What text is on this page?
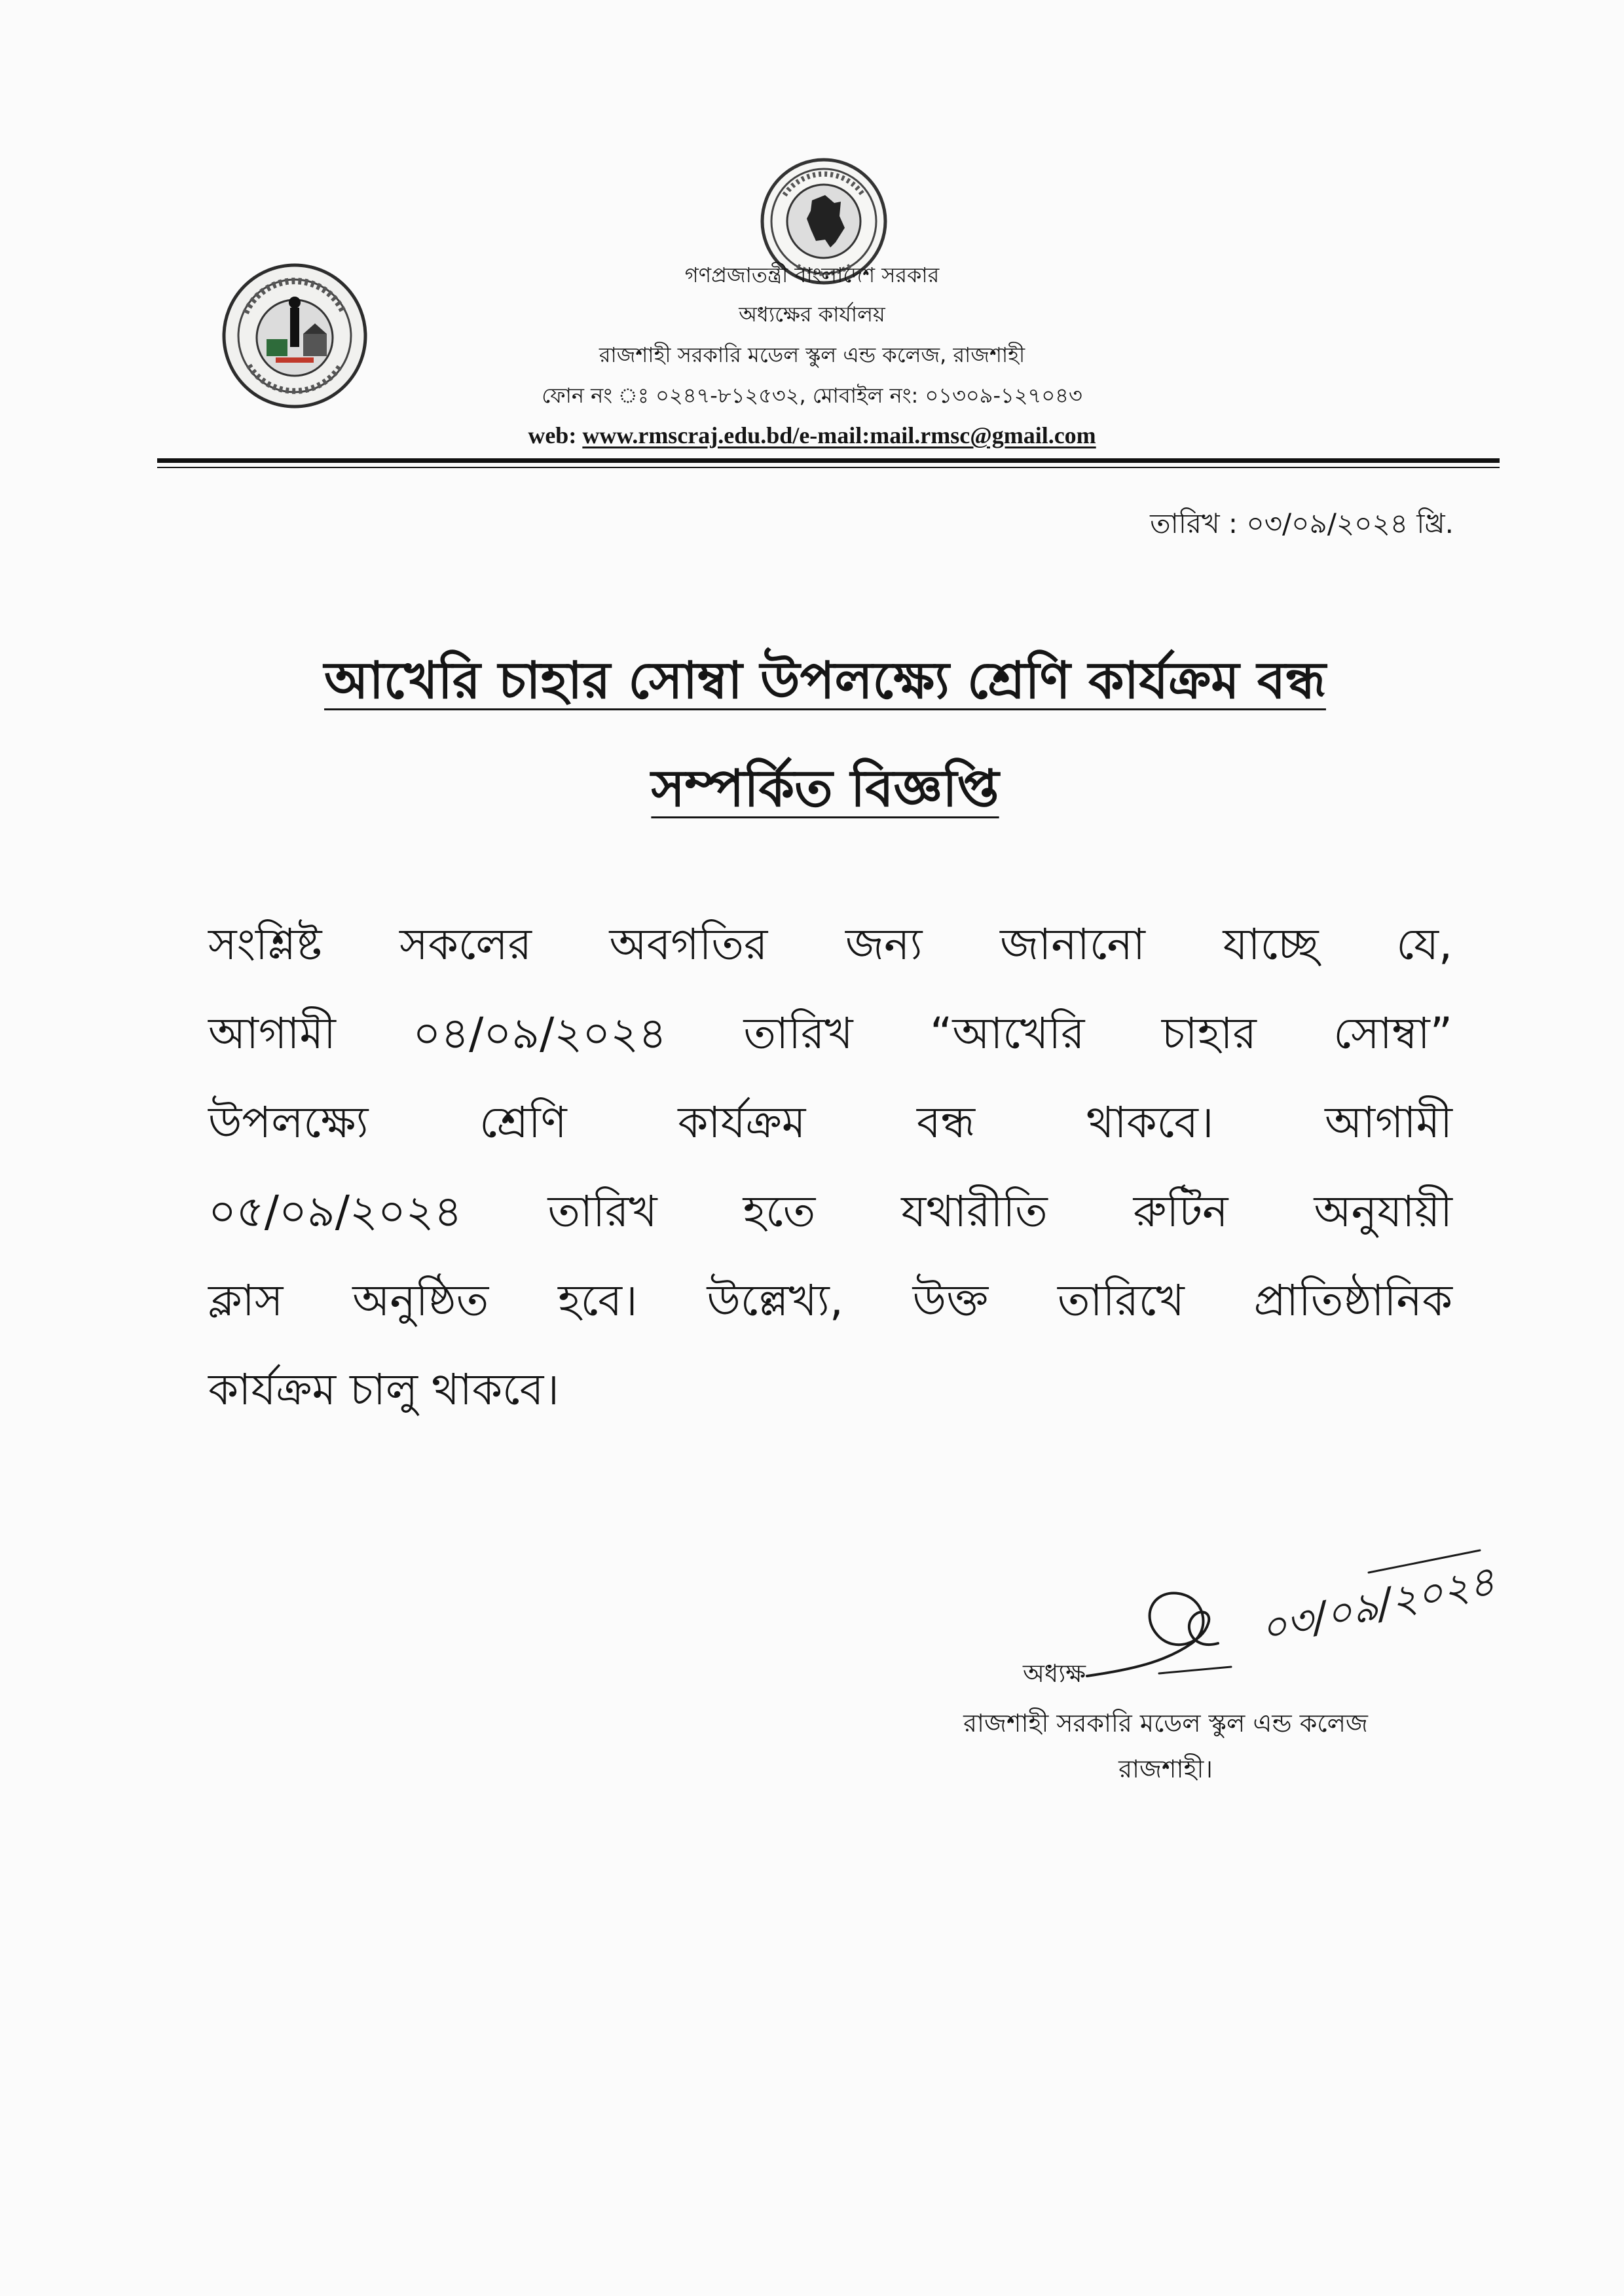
গণপ্রজাতন্ত্রী বাংলাদেশ সরকার
অধ্যক্ষের কার্যালয়
রাজশাহী সরকারি মডেল স্কুল এন্ড কলেজ, রাজশাহী
ফোন নং ঃ ০২৪৭-৮১২৫৩২, মোবাইল নং: ০১৩০৯-১২৭০৪৩
web: www.rmscraj.edu.bd/e-mail:mail.rmsc@gmail.com
তারিখ : ০৩/০৯/২০২৪ খ্রি.
আখেরি চাহার সোম্বা উপলক্ষ্যে শ্রেণি কার্যক্রম বন্ধ
সম্পর্কিত বিজ্ঞপ্তি
সংশ্লিষ্ট সকলের অবগতির জন্য জানানো যাচ্ছে যে,
আগামী ০৪/০৯/২০২৪ তারিখ “আখেরি চাহার সোম্বা”
উপলক্ষ্যে শ্রেণি কার্যক্রম বন্ধ থাকবে। আগামী
০৫/০৯/২০২৪ তারিখ হতে যথারীতি রুটিন অনুযায়ী
ক্লাস অনুষ্ঠিত হবে। উল্লেখ্য, উক্ত তারিখে প্রাতিষ্ঠানিক
কার্যক্রম চালু থাকবে।
০৩/০৯/২০২৪
অধ্যক্ষ
রাজশাহী সরকারি মডেল স্কুল এন্ড কলেজ
রাজশাহী।
